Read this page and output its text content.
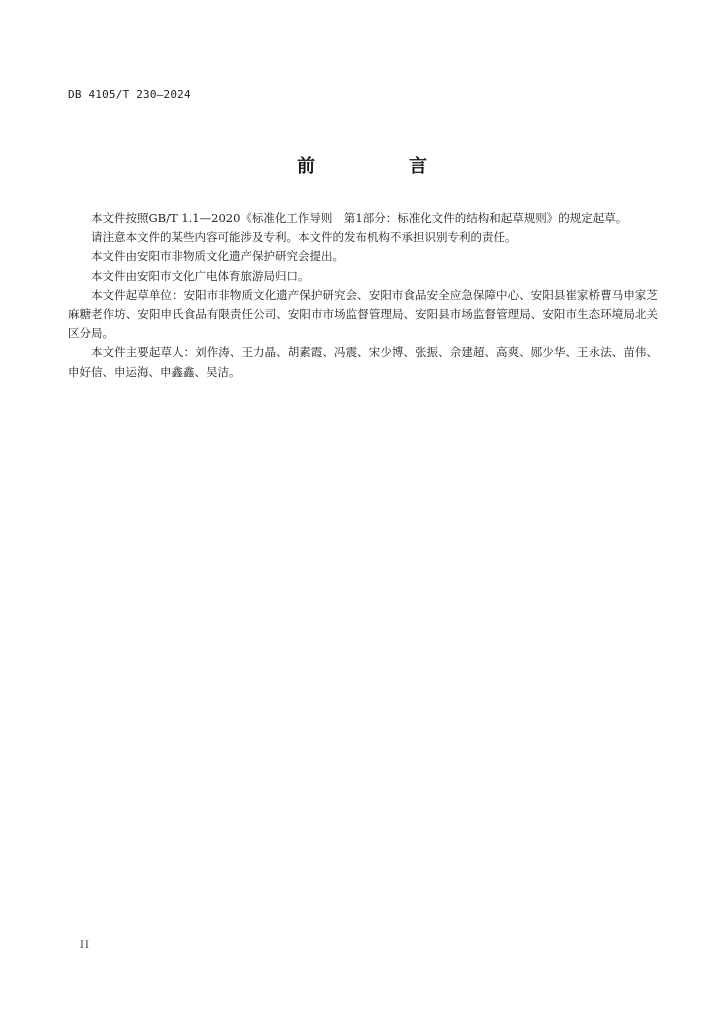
DB 4105/T 230—2024
前　言

本文件按照GB/T 1.1—2020《标准化工作导则　第1部分：标准化文件的结构和起草规则》的规定起草。

请注意本文件的某些内容可能涉及专利。本文件的发布机构不承担识别专利的责任。

本文件由安阳市非物质文化遗产保护研究会提出。

本文件由安阳市文化广电体育旅游局归口。

本文件起草单位：安阳市非物质文化遗产保护研究会、安阳市食品安全应急保障中心、安阳县崔家桥曹马申家芝麻糖老作坊、安阳申氏食品有限责任公司、安阳市市场监督管理局、安阳县市场监督管理局、安阳市生态环境局北关区分局。

本文件主要起草人：刘作涛、王力晶、胡素霞、冯震、宋少博、张振、佘建超、高爽、郧少华、王永法、苗伟、申好信、申运海、申鑫鑫、吴洁。

II
